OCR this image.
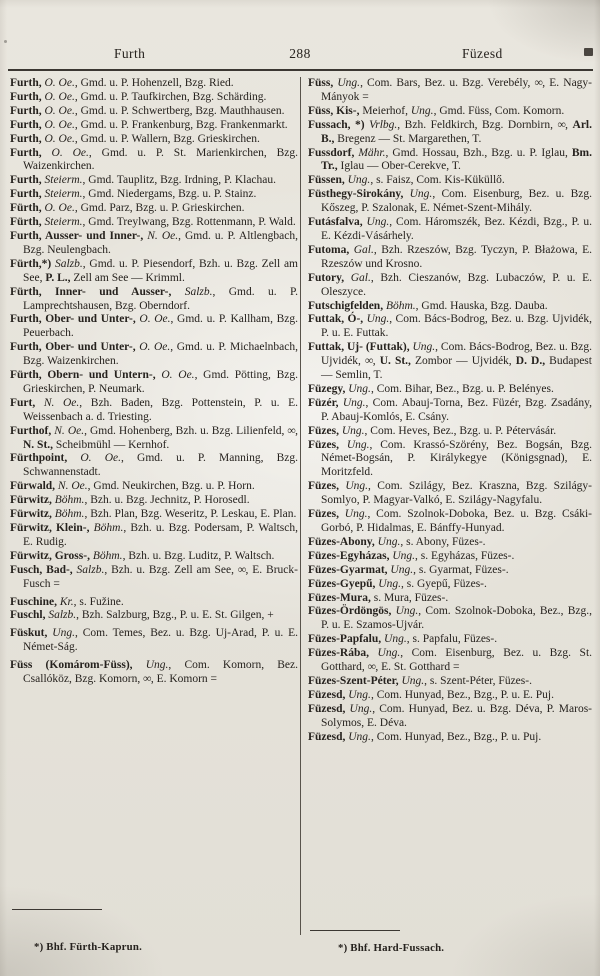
Furth	288	Füzesd

Furth, O. Oe., Gmd. u. P. Hohenzell, Bzg. Ried.

Furth, O. Oe., Gmd. u. P. Taufkirchen, Bzg. Schärding.

Furth, O. Oe., Gmd. u. P. Schwertberg, Bzg. Mauthhausen.

Furth, O. Oe., Gmd. u. P. Frankenburg, Bzg. Frankenmarkt.

Furth, O. Oe., Gmd. u. P. Wallern, Bzg. Grieskirchen.

Furth, O. Oe., Gmd. u. P. St. Marienkirchen, Bzg. Waizenkirchen.

Furth, Steierm., Gmd. Tauplitz, Bzg. Irdning, P. Klachau.

Furth, Steierm., Gmd. Niedergams, Bzg. u. P. Stainz.

Fürth, O. Oe., Gmd. Parz, Bzg. u. P. Grieskirchen.

Fürth, Steierm., Gmd. Treylwang, Bzg. Rottenmann, P. Wald.

Furth, Ausser- und Inner-, N. Oe., Gmd. u. P. Altlengbach, Bzg. Neulengbach.

Fürth,*) Salzb., Gmd. u. P. Piesendorf, Bzh. u. Bzg. Zell am See, P. L., Zell am See — Krimml.

Fürth, Inner- und Ausser-, Salzb., Gmd. u. P. Lamprechtshausen, Bzg. Oberndorf.

Furth, Ober- und Unter-, O. Oe., Gmd. u. P. Kallham, Bzg. Peuerbach.

Furth, Ober- und Unter-, O. Oe., Gmd. u. P. Michaelnbach, Bzg. Waizenkirchen.

Fürth, Obern- und Untern-, O. Oe., Gmd. Pötting, Bzg. Grieskirchen, P. Neumark.

Furt, N. Oe., Bzh. Baden, Bzg. Pottenstein, P. u. E. Weissenbach a. d. Triesting.

Furthof, N. Oe., Gmd. Hohenberg, Bzh. u. Bzg. Lilienfeld, ∞, N. St., Scheibmühl — Kernhof.

Fürthpoint, O. Oe., Gmd. u. P. Manning, Bzg. Schwannenstadt.

Fürwald, N. Oe., Gmd. Neukirchen, Bzg. u. P. Horn.

Fürwitz, Böhm., Bzh. u. Bzg. Jechnitz, P. Horosedl.

Fürwitz, Böhm., Bzh. Plan, Bzg. Weseritz, P. Leskau, E. Plan.

Fürwitz, Klein-, Böhm., Bzh. u. Bzg. Podersam, P. Waltsch, E. Rudig.

Fürwitz, Gross-, Böhm., Bzh. u. Bzg. Luditz, P. Waltsch.

Fusch, Bad-, Salzb., Bzh. u. Bzg. Zell am See, ∞, E. Bruck-Fusch =

Fuschine, Kr., s. Fužine.

Fuschl, Salzb., Bzh. Salzburg, Bzg., P. u. E. St. Gilgen, +

Füskut, Ung., Com. Temes, Bez. u. Bzg. Uj-Arad, P. u. E. Német-Ság.

Füss (Komárom-Füss), Ung., Com. Komorn, Bez. Csallóköz, Bzg. Komorn, ∞, E. Komorn =

Füss, Ung., Com. Bars, Bez. u. Bzg. Verebély, ∞, E. Nagy-Mányok =

Füss, Kis-, Meierhof, Ung., Gmd. Füss, Com. Komorn.

Fussach, *) Vrlbg., Bzh. Feldkirch, Bzg. Dornbirn, ∞, Arl. B., Bregenz — St. Margarethen, T.

Fussdorf, Mähr., Gmd. Hossau, Bzh., Bzg. u. P. Iglau, Bm. Tr., Iglau — Ober-Cerekve, T.

Füssen, Ung., s. Faisz, Com. Kis-Küküllő.

Füsthegy-Sirokány, Ung., Com. Eisenburg, Bez. u. Bzg. Kőszeg, P. Szalonak, E. Német-Szent-Mihály.

Futásfalva, Ung., Com. Háromszék, Bez. Kézdi, Bzg., P. u. E. Kézdi-Vásárhely.

Futoma, Gal., Bzh. Rzeszów, Bzg. Tyczyn, P. Błażowa, E. Rzeszów und Krosno.

Futory, Gal., Bzh. Cieszanów, Bzg. Lubaczów, P. u. E. Oleszyce.

Futschigfelden, Böhm., Gmd. Hauska, Bzg. Dauba.

Futtak, Ó-, Ung., Com. Bács-Bodrog, Bez. u. Bzg. Ujvidék, P. u. E. Futtak.

Futtak, Uj- (Futtak), Ung., Com. Bács-Bodrog, Bez. u. Bzg. Ujvidék, ∞, U. St., Zombor — Ujvidék, D. D., Budapest — Semlin, T.

Füzegy, Ung., Com. Bihar, Bez., Bzg. u. P. Belényes.

Füzér, Ung., Com. Abauj-Torna, Bez. Füzér, Bzg. Zsadány, P. Abauj-Komlós, E. Csány.

Füzes, Ung., Com. Heves, Bez., Bzg. u. P. Pétervásár.

Füzes, Ung., Com. Krassó-Szörény, Bez. Bogsán, Bzg. Német-Bogsán, P. Királykegye (Königsgnad), E. Moritzfeld.

Füzes, Ung., Com. Szilágy, Bez. Kraszna, Bzg. Szilágy-Somlyo, P. Magyar-Valkó, E. Szilágy-Nagyfalu.

Füzes, Ung., Com. Szolnok-Doboka, Bez. u. Bzg. Csáki-Gorbó, P. Hidalmas, E. Bánffy-Hunyad.

Füzes-Abony, Ung., s. Abony, Füzes-.

Füzes-Egyházas, Ung., s. Egyházas, Füzes-.

Füzes-Gyarmat, Ung., s. Gyarmat, Füzes-.

Füzes-Gyepű, Ung., s. Gyepű, Füzes-.

Füzes-Mura, s. Mura, Füzes-.

Füzes-Ördöngös, Ung., Com. Szolnok-Doboka, Bez., Bzg., P. u. E. Szamos-Ujvár.

Füzes-Papfalu, Ung., s. Papfalu, Füzes-.

Füzes-Rába, Ung., Com. Eisenburg, Bez. u. Bzg. St. Gotthard, ∞, E. St. Gotthard =

Füzes-Szent-Péter, Ung., s. Szent-Péter, Füzes-.

Füzesd, Ung., Com. Hunyad, Bez., Bzg., P. u. E. Puj.

Füzesd, Ung., Com. Hunyad, Bez. u. Bzg. Déva, P. Maros-Solymos, E. Déva.

Füzesd, Ung., Com. Hunyad, Bez., Bzg., P. u. Puj.

*) Bhf. Fürth-Kaprun.	*) Bhf. Hard-Fussach.
